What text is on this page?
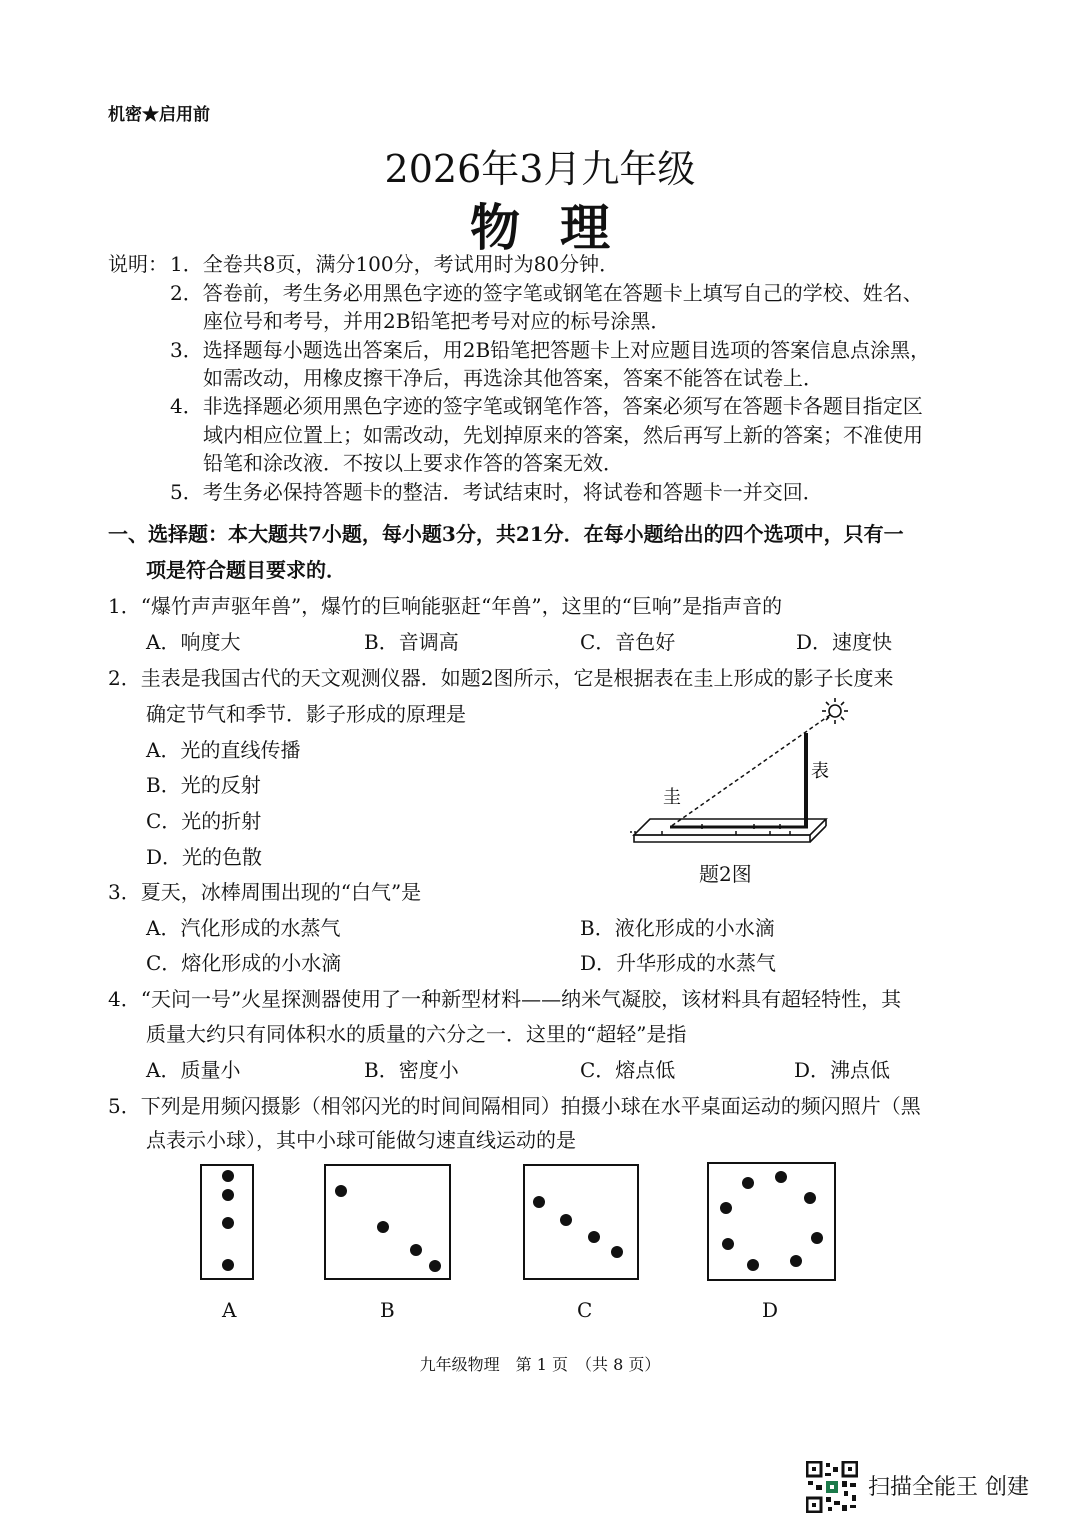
机密★启用前
2026年3月九年级
物理
说明： 1．全卷共8页，满分100分，考试用时为80分钟．
2．答卷前，考生务必用黑色字迹的签字笔或钢笔在答题卡上填写自己的学校、姓名、
座位号和考号，并用2B铅笔把考号对应的标号涂黑．
3．选择题每小题选出答案后，用2B铅笔把答题卡上对应题目选项的答案信息点涂黑，
如需改动，用橡皮擦干净后，再选涂其他答案，答案不能答在试卷上．
4．非选择题必须用黑色字迹的签字笔或钢笔作答，答案必须写在答题卡各题目指定区
域内相应位置上；如需改动，先划掉原来的答案，然后再写上新的答案；不准使用
铅笔和涂改液．不按以上要求作答的答案无效．
5．考生务必保持答题卡的整洁．考试结束时，将试卷和答题卡一并交回．
一、选择题：本大题共7小题，每小题3分，共21分．在每小题给出的四个选项中，只有一
项是符合题目要求的．
1．“爆竹声声驱年兽”，爆竹的巨响能驱赶“年兽”，这里的“巨响”是指声音的
A．响度大	B．音调高	C．音色好	D．速度快
2．圭表是我国古代的天文观测仪器．如题2图所示，它是根据表在圭上形成的影子长度来
确定节气和季节．影子形成的原理是
A．光的直线传播
B．光的反射
C．光的折射
D．光的色散
圭
表
题2图
3．夏天，冰棒周围出现的“白气”是
A．汽化形成的水蒸气	B．液化形成的小水滴
C．熔化形成的小水滴	D．升华形成的水蒸气
4．“天问一号”火星探测器使用了一种新型材料——纳米气凝胶，该材料具有超轻特性，其
质量大约只有同体积水的质量的六分之一．这里的“超轻”是指
A．质量小	B．密度小	C．熔点低	D．沸点低
5．下列是用频闪摄影（相邻闪光的时间间隔相同）拍摄小球在水平桌面运动的频闪照片（黑
点表示小球），其中小球可能做匀速直线运动的是
A	B	C	D
九年级物理　第 1 页　（共 8 页）
扫描全能王 创建
